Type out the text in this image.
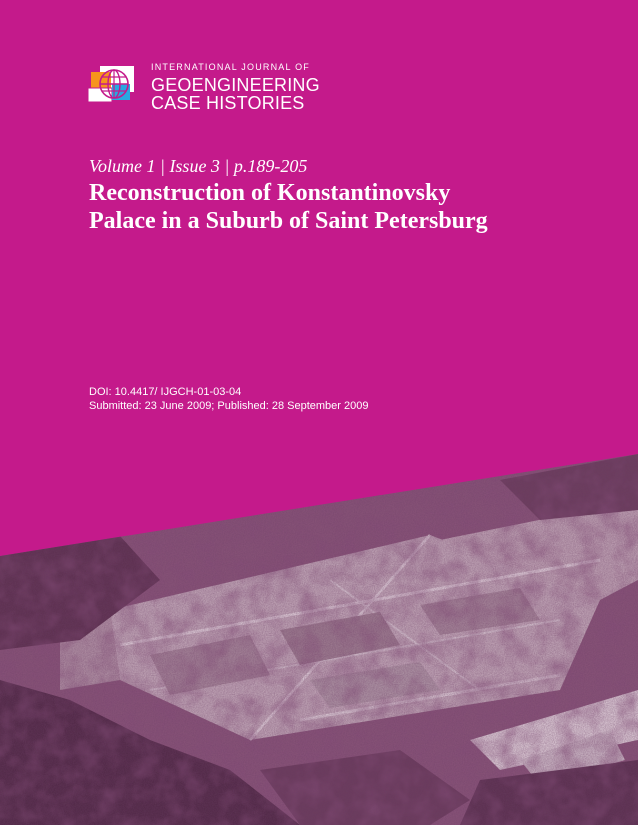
INTERNATIONAL JOURNAL OF
GEOENGINEERING
CASE HISTORIES
Volume 1 | Issue 3 | p.189-205
Reconstruction of Konstantinovsky
Palace in a Suburb of Saint Petersburg
DOI: 10.4417/ IJGCH-01-03-04
Submitted: 23 June 2009; Published: 28 September 2009
